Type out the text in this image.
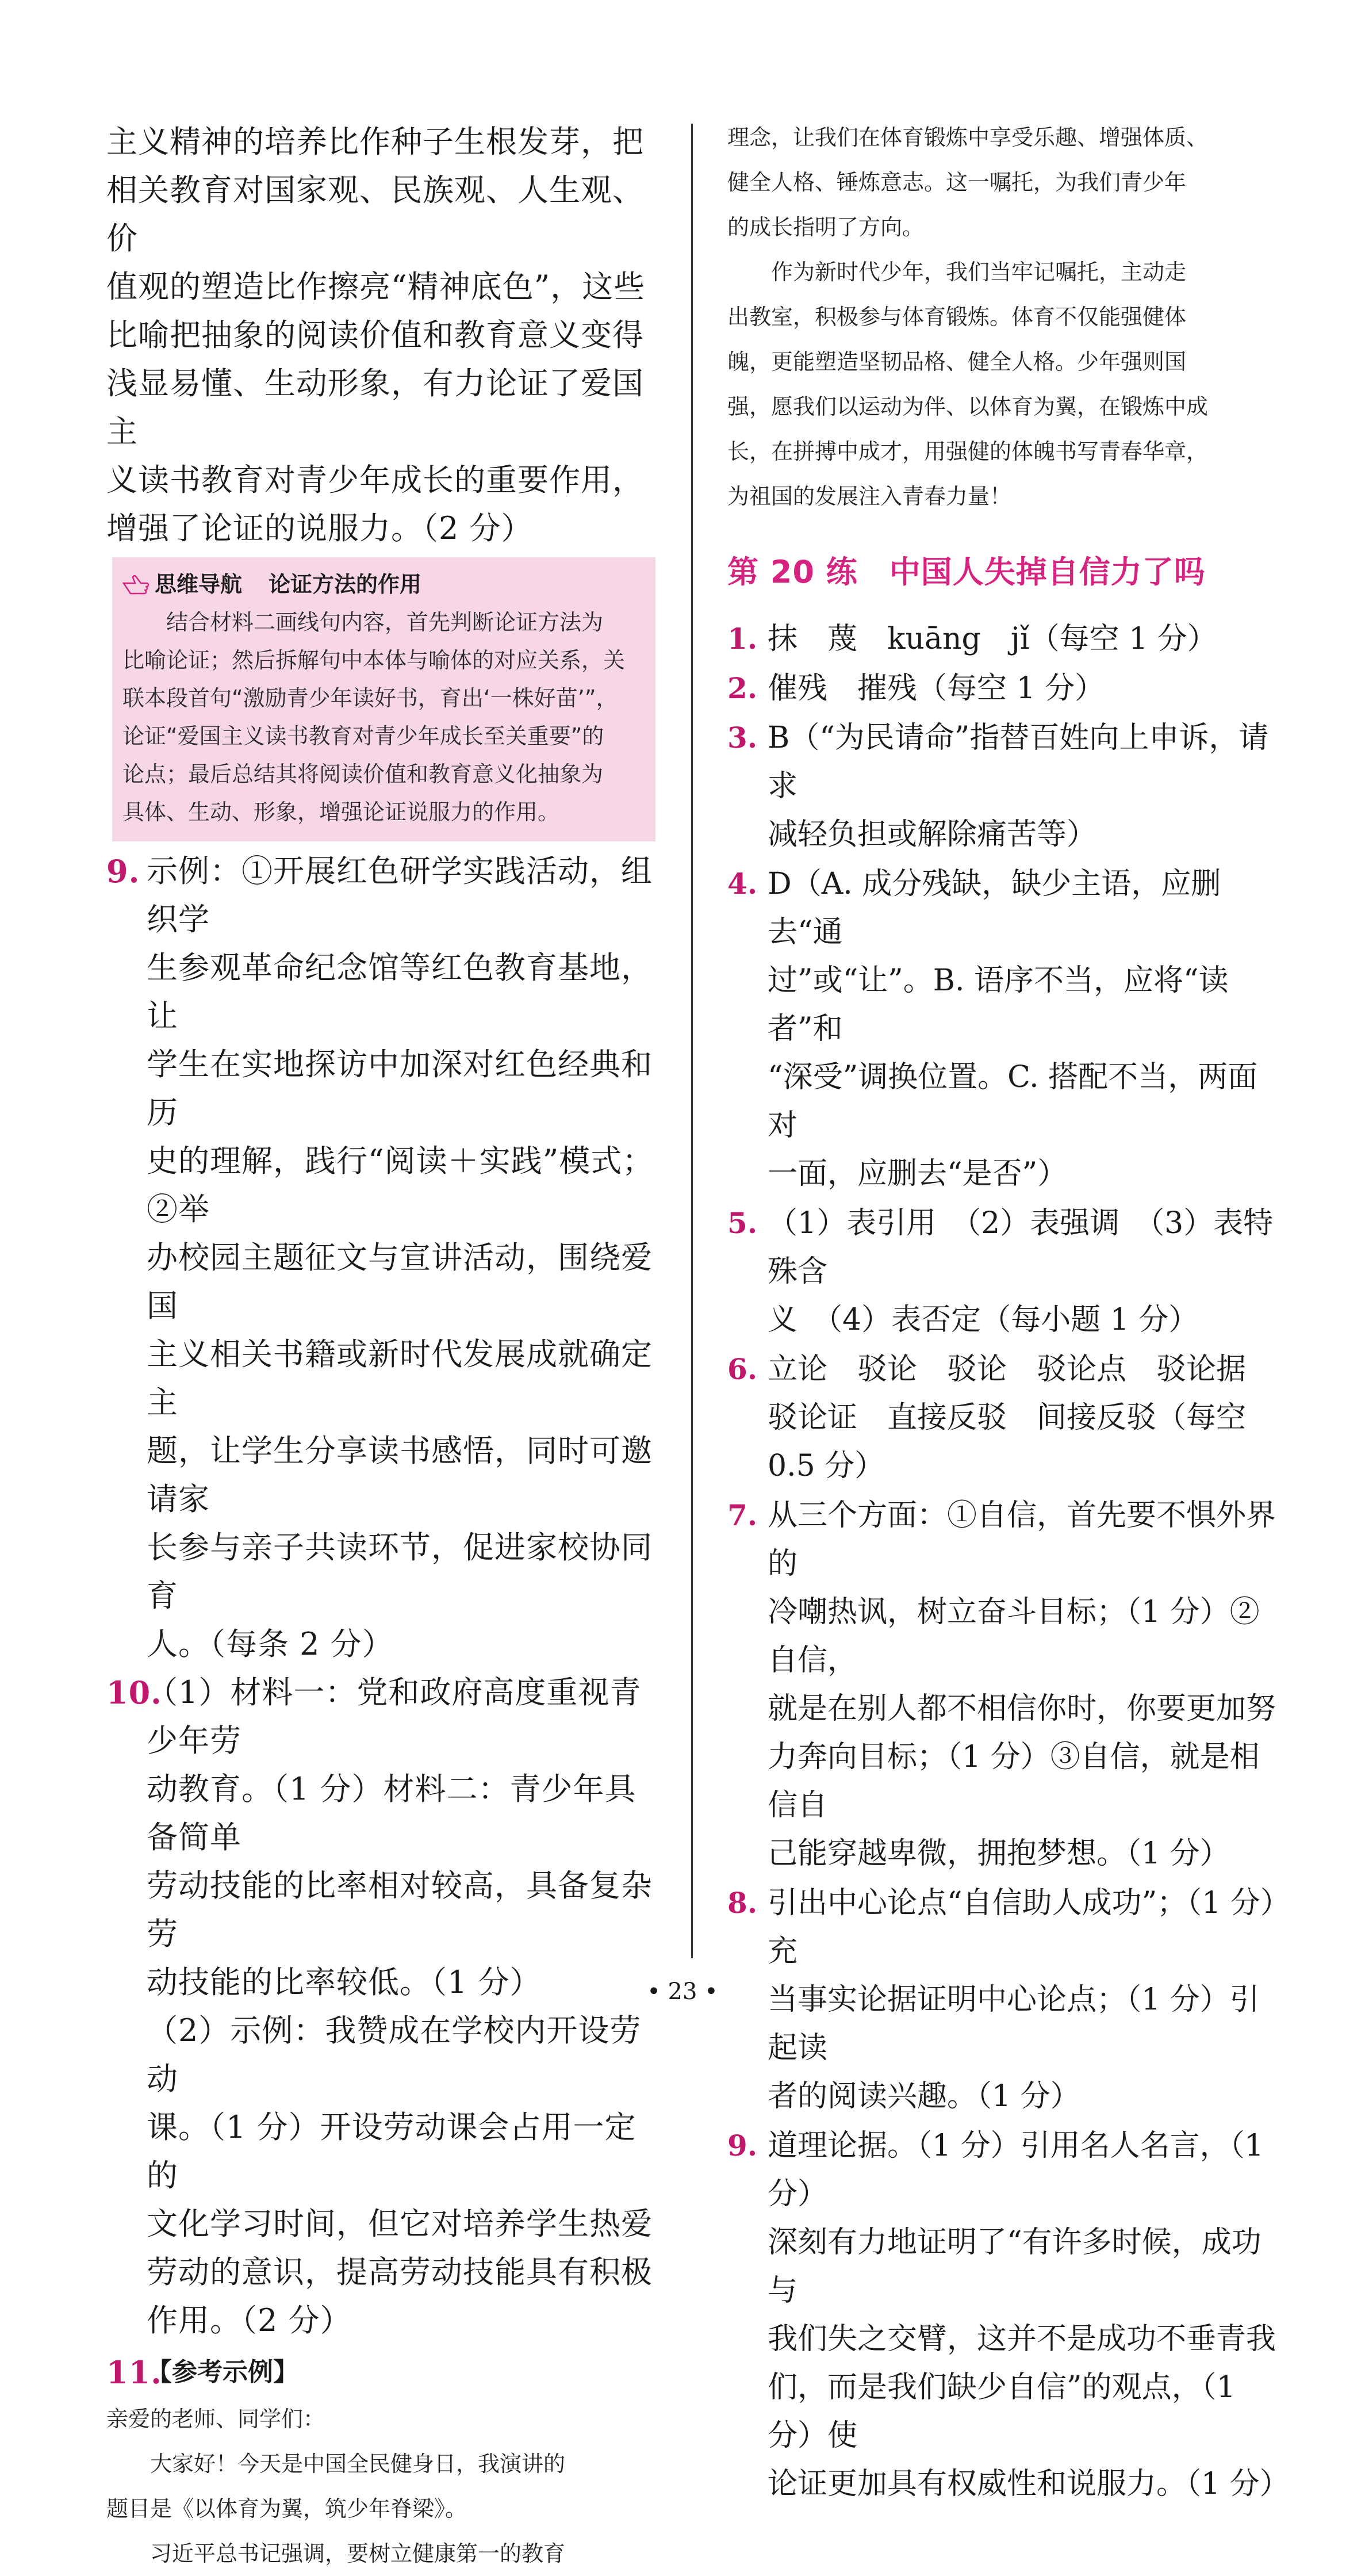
主义精神的培养比作种子生根发芽，把

相关教育对国家观、民族观、人生观、价

值观的塑造比作擦亮“精神底色”，这些

比喻把抽象的阅读价值和教育意义变得

浅显易懂、生动形象，有力论证了爱国主

义读书教育对青少年成长的重要作用，

增强了论证的说服力。（2 分）

思维导航 论证方法的作用

结合材料二画线句内容，首先判断论证方法为

比喻论证；然后拆解句中本体与喻体的对应关系，关

联本段首句“激励青少年读好书，育出‘一株好苗’”，

论证“爱国主义读书教育对青少年成长至关重要”的

论点；最后总结其将阅读价值和教育意义化抽象为

具体、生动、形象，增强论证说服力的作用。

9. 示例：①开展红色研学实践活动，组织学

生参观革命纪念馆等红色教育基地，让

学生在实地探访中加深对红色经典和历

史的理解，践行“阅读＋实践”模式；②举

办校园主题征文与宣讲活动，围绕爱国

主义相关书籍或新时代发展成就确定主

题，让学生分享读书感悟，同时可邀请家

长参与亲子共读环节，促进家校协同育

人。（每条 2 分）

10.

（1）材料一：党和政府高度重视青少年劳

动教育。（1 分）材料二：青少年具备简单

劳动技能的比率相对较高，具备复杂劳

动技能的比率较低。（1 分）

（2）示例：我赞成在学校内开设劳动

课。（1 分）开设劳动课会占用一定的

文化学习时间，但它对培养学生热爱

劳动的意识，提高劳动技能具有积极

作用。（2 分）

11.

【参考示例】

亲爱的老师、同学们：

大家好！今天是中国全民健身日，我演讲的

题目是《以体育为翼，筑少年脊梁》。

习近平总书记强调，要树立健康第一的教育

理念，让我们在体育锻炼中享受乐趣、增强体质、

健全人格、锤炼意志。这一嘱托，为我们青少年

的成长指明了方向。

作为新时代少年，我们当牢记嘱托，主动走

出教室，积极参与体育锻炼。体育不仅能强健体

魄，更能塑造坚韧品格、健全人格。少年强则国

强，愿我们以运动为伴、以体育为翼，在锻炼中成

长，在拼搏中成才，用强健的体魄书写青春华章，

为祖国的发展注入青春力量！

第 20 练 中国人失掉自信力了吗
1. 抹　蔑　kuāng　jǐ（每空 1 分）

2. 催残　摧残（每空 1 分）

3. B（“为民请命”指替百姓向上申诉，请求

减轻负担或解除痛苦等）

4. D（A. 成分残缺，缺少主语，应删去“通

过”或“让”。B. 语序不当，应将“读者”和

“深受”调换位置。C. 搭配不当，两面对

一面，应删去“是否”）

5. （1）表引用　（2）表强调　（3）表特殊含

义　（4）表否定（每小题 1 分）

6. 立论　驳论　驳论　驳论点　驳论据

驳论证　直接反驳　间接反驳（每空

0.5 分）

7. 从三个方面：①自信，首先要不惧外界的

冷嘲热讽，树立奋斗目标；（1 分）②自信，

就是在别人都不相信你时，你要更加努

力奔向目标；（1 分）③自信，就是相信自

己能穿越卑微，拥抱梦想。（1 分）

8. 引出中心论点“自信助人成功”；（1 分）充

当事实论据证明中心论点；（1 分）引起读

者的阅读兴趣。（1 分）

9. 道理论据。（1 分）引用名人名言，（1 分）

深刻有力地证明了“有许多时候，成功与

我们失之交臂，这并不是成功不垂青我

们，而是我们缺少自信”的观点，（1 分）使

论证更加具有权威性和说服力。（1 分）

• 23 •
